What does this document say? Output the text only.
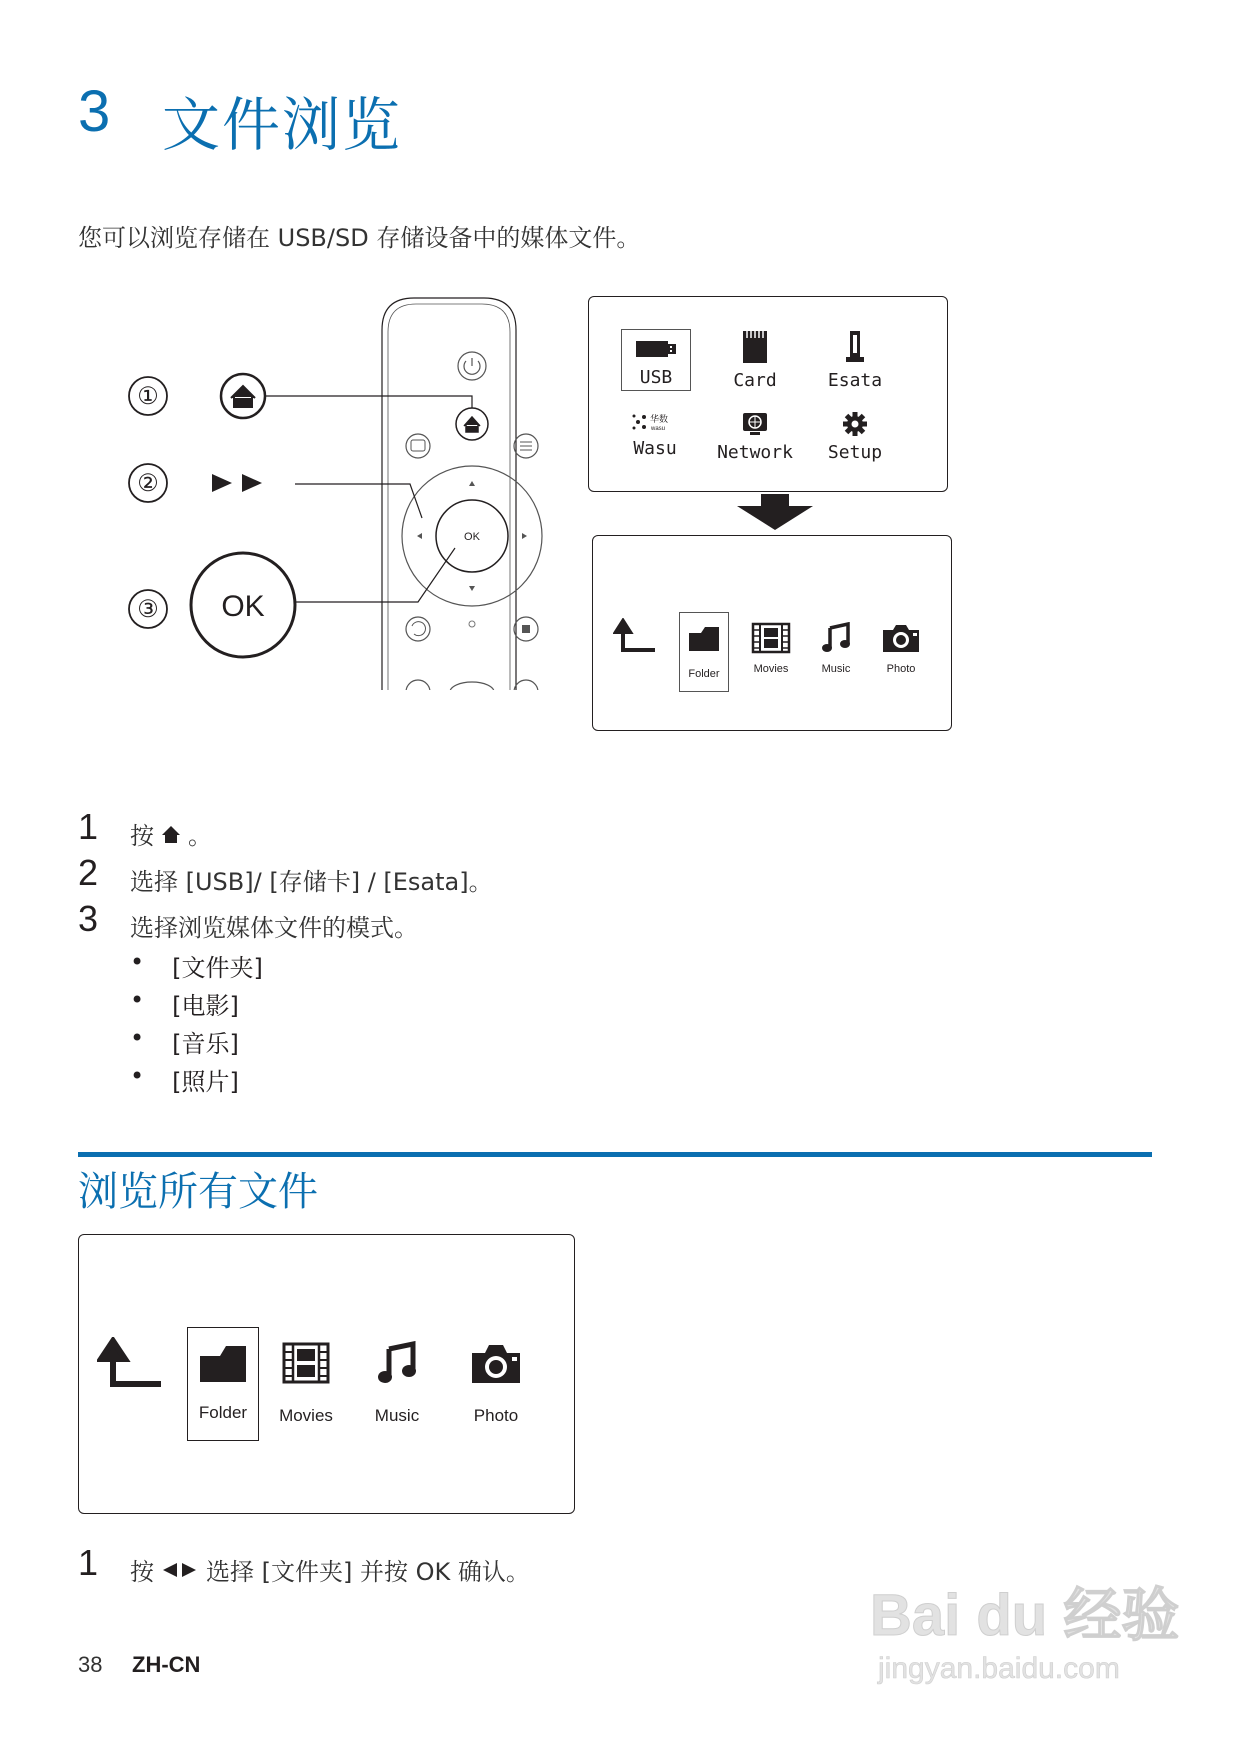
3 文件浏览
您可以浏览存储在 USB/SD 存储设备中的媒体文件。
OK
①
②
③ OK
USB	Card	Esata
华数
wasu
Wasu	Network	Setup
Folder	Movies	Music	Photo
1 按 。
2 选择 [USB]/ [存储卡] / [Esata]。
3 选择浏览媒体文件的模式。
• [文件夹]
• [电影]
• [音乐]
• [照片]
浏览所有文件
Folder	Movies	Music	Photo
1 按 选择 [文件夹] 并按 OK 确认。
38 ZH-CN
Bai du 经验
jingyan.baidu.com
